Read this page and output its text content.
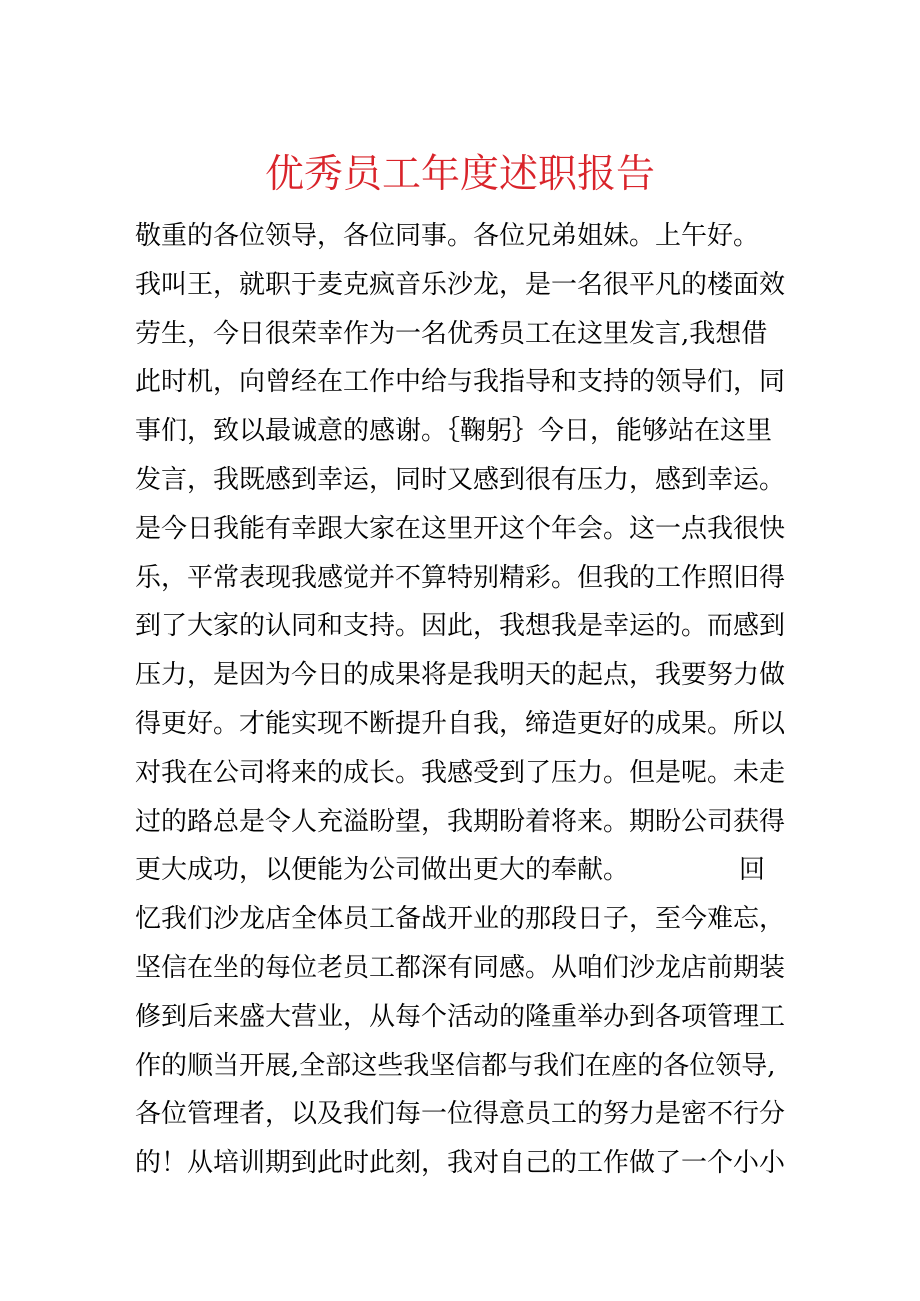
优秀员工年度述职报告
敬重的各位领导，各位同事。各位兄弟姐妹。上午好。
我叫王，就职于麦克疯音乐沙龙，是一名很平凡的楼面效
劳生，今日很荣幸作为一名优秀员工在这里发言,我想借
此时机，向曾经在工作中给与我指导和支持的领导们，同
事们，致以最诚意的感谢。｛鞠躬｝今日，能够站在这里
发言，我既感到幸运，同时又感到很有压力，感到幸运。
是今日我能有幸跟大家在这里开这个年会。这一点我很快
乐，平常表现我感觉并不算特别精彩。但我的工作照旧得
到了大家的认同和支持。因此，我想我是幸运的。而感到
压力，是因为今日的成果将是我明天的起点，我要努力做
得更好。才能实现不断提升自我，缔造更好的成果。所以
对我在公司将来的成长。我感受到了压力。但是呢。未走
过的路总是令人充溢盼望，我期盼着将来。期盼公司获得
更大成功，以便能为公司做出更大的奉献。	回
忆我们沙龙店全体员工备战开业的那段日子，至今难忘，
坚信在坐的每位老员工都深有同感。从咱们沙龙店前期装
修到后来盛大营业，从每个活动的隆重举办到各项管理工
作的顺当开展,全部这些我坚信都与我们在座的各位领导,
各位管理者，以及我们每一位得意员工的努力是密不行分
的！从培训期到此时此刻，我对自己的工作做了一个小小
